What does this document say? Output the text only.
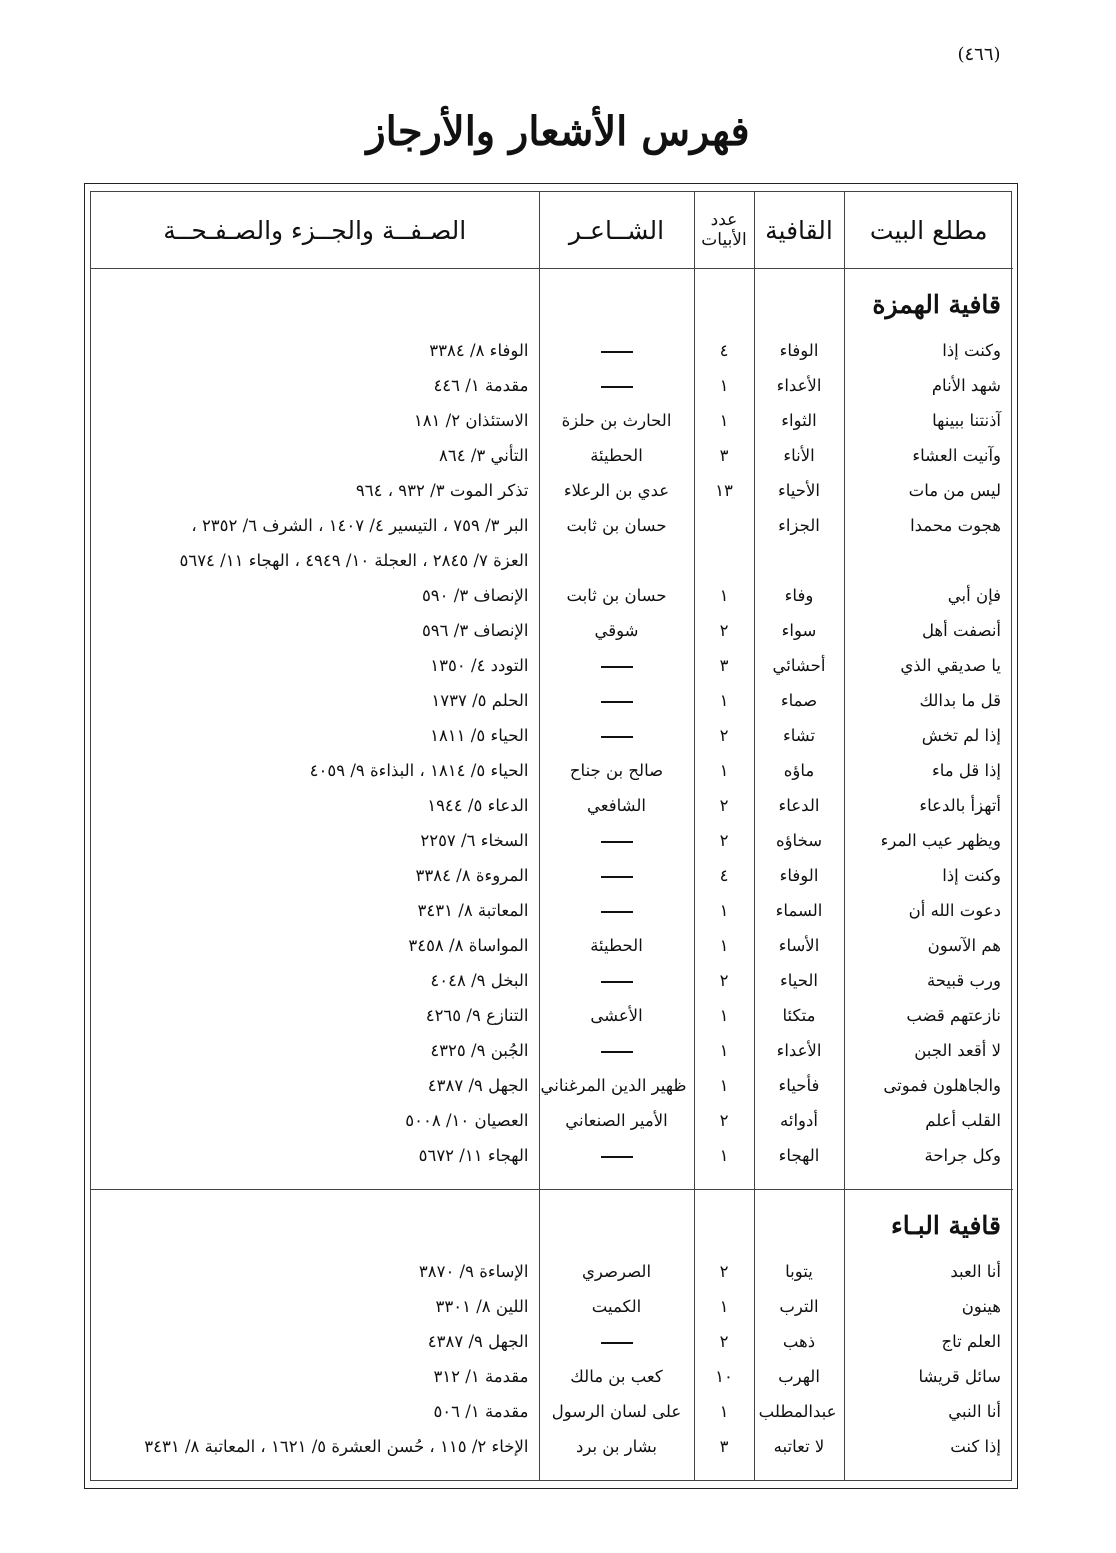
(٤٦٦)
فهرس الأشعار والأرجاز
مطلع البيت	القافية	عدد الأبيات	الشــاعـر	الصـفــة والجــزء والصـفـحــة
قافية الهمزة				
وكنت إذا	الوفاء	٤		الوفاء ٨/ ٣٣٨٤
شهد الأنام	الأعداء	١		مقدمة ١/ ٤٤٦
آذنتنا ببينها	الثواء	١	الحارث بن حلزة	الاستئذان ٢/ ١٨١
وآنيت العشاء	الأناء	٣	الحطيئة	التأني ٣/ ٨٦٤
ليس من مات	الأحياء	١٣	عدي بن الرعلاء	تذكر الموت ٣/ ٩٣٢ ، ٩٦٤
هجوت محمدا	الجزاء		حسان بن ثابت	البر ٣/ ٧٥٩ ، التيسير ٤/ ١٤٠٧ ، الشرف ٦/ ٢٣٥٢ ،
				العزة ٧/ ٢٨٤٥ ، العجلة ١٠/ ٤٩٤٩ ، الهجاء ١١/ ٥٦٧٤
فإن أبي	وفاء	١	حسان بن ثابت	الإنصاف ٣/ ٥٩٠
أنصفت أهل	سواء	٢	شوقي	الإنصاف ٣/ ٥٩٦
يا صديقي الذي	أحشائي	٣		التودد ٤/ ١٣٥٠
قل ما بدالك	صماء	١		الحلم ٥/ ١٧٣٧
إذا لم تخش	تشاء	٢		الحياء ٥/ ١٨١١
إذا قل ماء	ماؤه	١	صالح بن جناح	الحياء ٥/ ١٨١٤ ، البذاءة ٩/ ٤٠٥٩
أتهزأ بالدعاء	الدعاء	٢	الشافعي	الدعاء ٥/ ١٩٤٤
ويظهر عيب المرء	سخاؤه	٢		السخاء ٦/ ٢٢٥٧
وكنت إذا	الوفاء	٤		المروءة ٨/ ٣٣٨٤
دعوت الله أن	السماء	١		المعاتبة ٨/ ٣٤٣١
هم الآسون	الأساء	١	الحطيئة	المواساة ٨/ ٣٤٥٨
ورب قبيحة	الحياء	٢		البخل ٩/ ٤٠٤٨
نازعتهم قضب	متكئا	١	الأعشى	التنازع ٩/ ٤٢٦٥
لا أقعد الجبن	الأعداء	١		الجُبن ٩/ ٤٣٢٥
والجاهلون فموتى	فأحياء	١	ظهير الدين المرغناني	الجهل ٩/ ٤٣٨٧
القلب أعلم	أدوائه	٢	الأمير الصنعاني	العصيان ١٠/ ٥٠٠٨
وكل جراحة	الهجاء	١		الهجاء ١١/ ٥٦٧٢

قافية البـاء				
أنا العبد	يتوبا	٢	الصرصري	الإساءة ٩/ ٣٨٧٠
هينون	الترب	١	الكميت	اللين ٨/ ٣٣٠١
العلم تاج	ذهب	٢		الجهل ٩/ ٤٣٨٧
سائل قريشا	الهرب	١٠	كعب بن مالك	مقدمة ١/ ٣١٢
أنا النبي	عبدالمطلب	١	على لسان الرسول	مقدمة ١/ ٥٠٦
إذا كنت	لا تعاتبه	٣	بشار بن برد	الإخاء ٢/ ١١٥ ، حُسن العشرة ٥/ ١٦٢١ ، المعاتبة ٨/ ٣٤٣١
